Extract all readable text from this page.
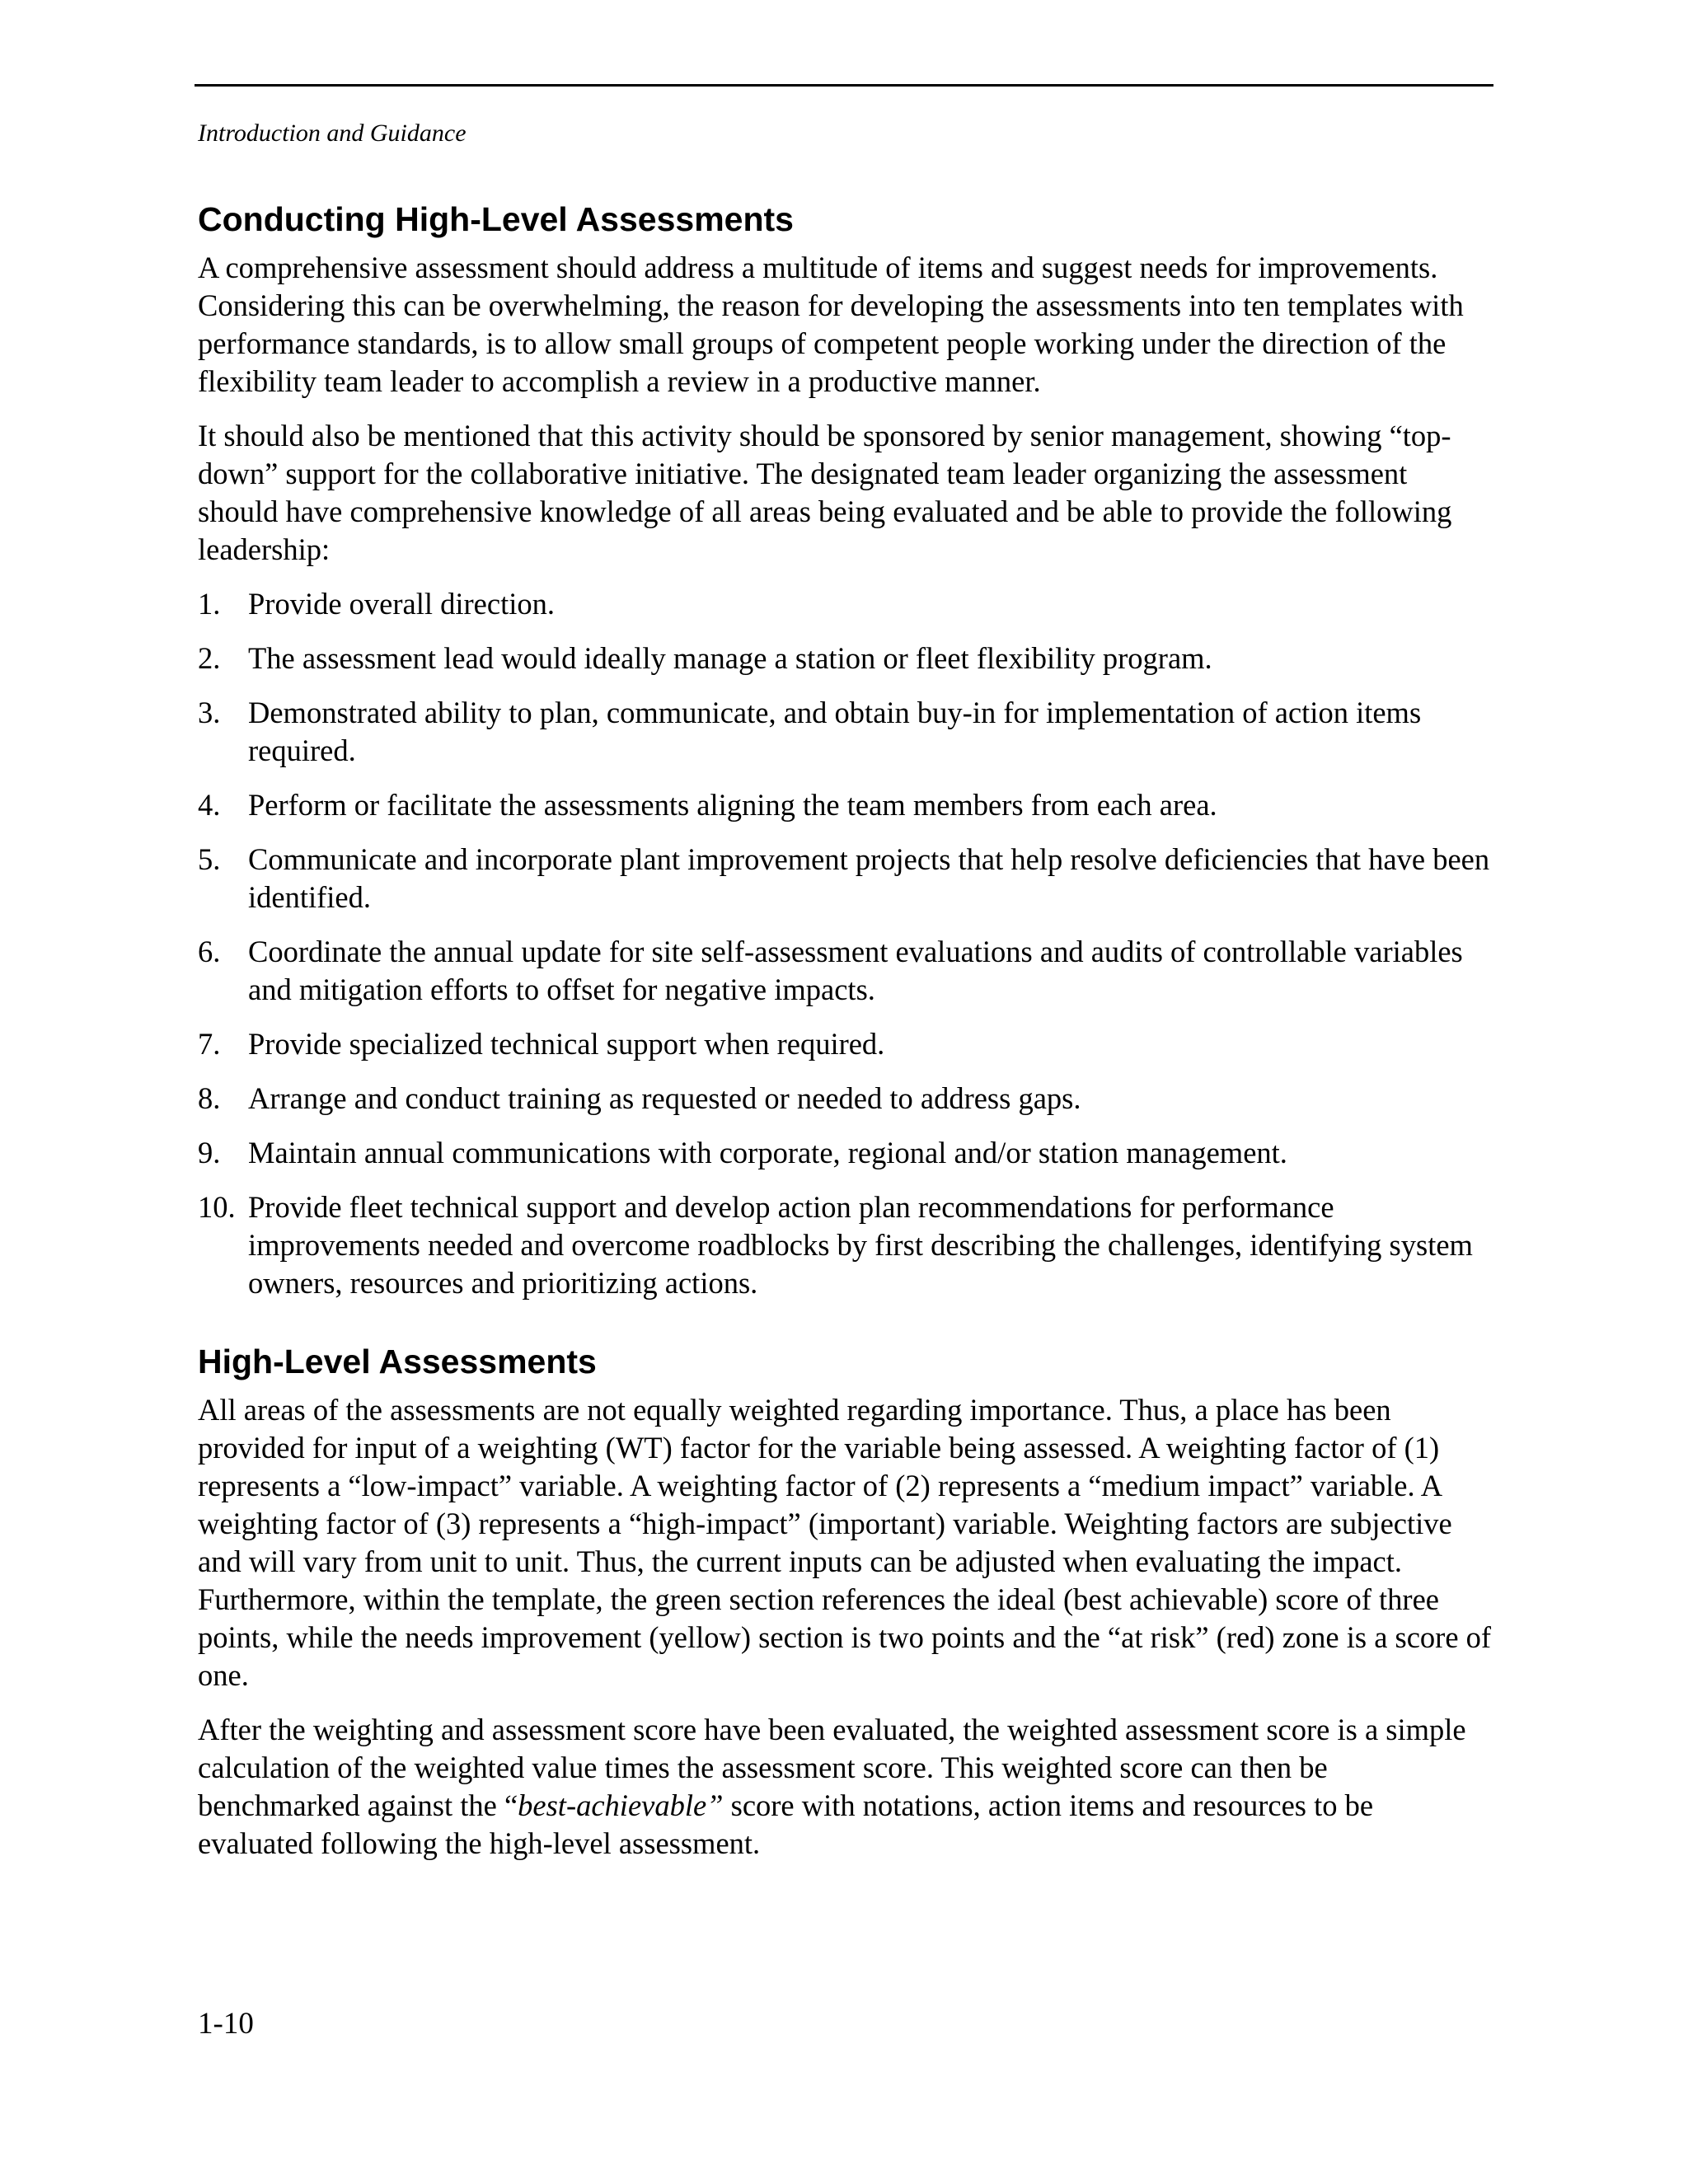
Introduction and Guidance
Conducting High-Level Assessments

A comprehensive assessment should address a multitude of items and suggest needs for improvements. Considering this can be overwhelming, the reason for developing the assessments into ten templates with performance standards, is to allow small groups of competent people working under the direction of the flexibility team leader to accomplish a review in a productive manner.

It should also be mentioned that this activity should be sponsored by senior management, showing “top-down” support for the collaborative initiative. The designated team leader organizing the assessment should have comprehensive knowledge of all areas being evaluated and be able to provide the following leadership:

1. Provide overall direction.
2. The assessment lead would ideally manage a station or fleet flexibility program.
3. Demonstrated ability to plan, communicate, and obtain buy-in for implementation of action items required.
4. Perform or facilitate the assessments aligning the team members from each area.
5. Communicate and incorporate plant improvement projects that help resolve deficiencies that have been identified.
6. Coordinate the annual update for site self-assessment evaluations and audits of controllable variables and mitigation efforts to offset for negative impacts.
7. Provide specialized technical support when required.
8. Arrange and conduct training as requested or needed to address gaps.
9. Maintain annual communications with corporate, regional and/or station management.
10. Provide fleet technical support and develop action plan recommendations for performance improvements needed and overcome roadblocks by first describing the challenges, identifying system owners, resources and prioritizing actions.
High-Level Assessments

All areas of the assessments are not equally weighted regarding importance. Thus, a place has been provided for input of a weighting (WT) factor for the variable being assessed. A weighting factor of (1) represents a “low-impact” variable. A weighting factor of (2) represents a “medium impact” variable. A weighting factor of (3) represents a “high-impact” (important) variable. Weighting factors are subjective and will vary from unit to unit. Thus, the current inputs can be adjusted when evaluating the impact. Furthermore, within the template, the green section references the ideal (best achievable) score of three points, while the needs improvement (yellow) section is two points and the “at risk” (red) zone is a score of one.

After the weighting and assessment score have been evaluated, the weighted assessment score is a simple calculation of the weighted value times the assessment score. This weighted score can then be benchmarked against the “best-achievable” score with notations, action items and resources to be evaluated following the high-level assessment.

1-10
